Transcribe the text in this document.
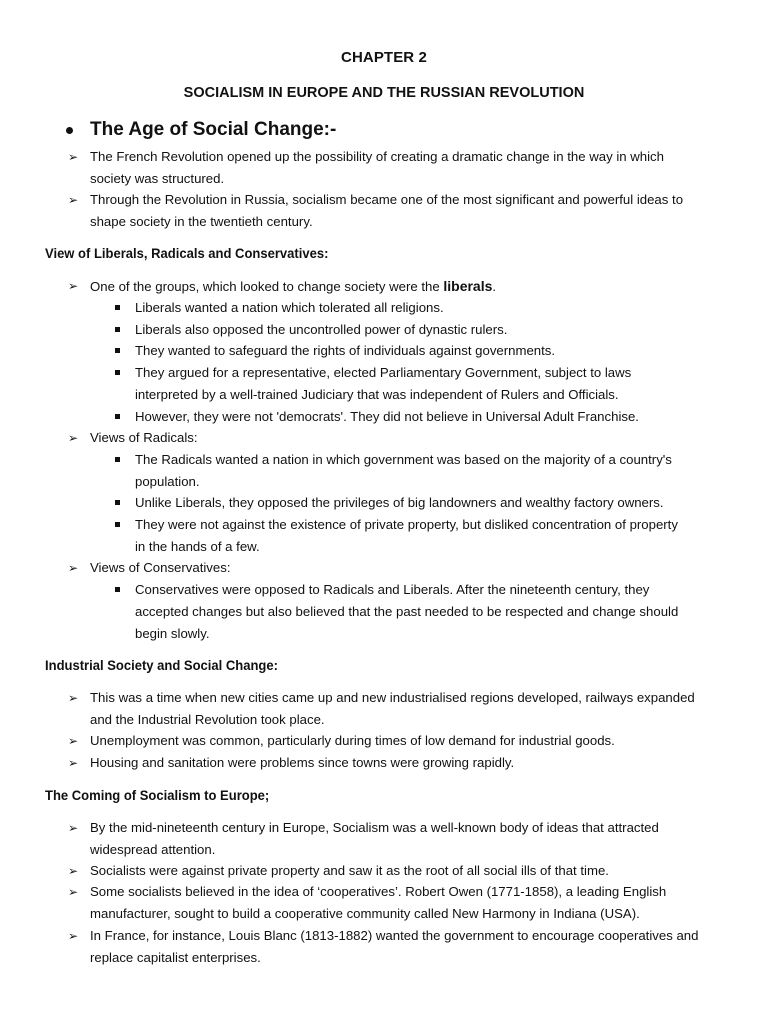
CHAPTER 2
SOCIALISM IN EUROPE AND THE RUSSIAN REVOLUTION
The Age of Social Change:-
➢ The French Revolution opened up the possibility of creating a dramatic change in the way in which
society was structured.
➢ Through the Revolution in Russia, socialism became one of the most significant and powerful ideas to
shape society in the twentieth century.
View of Liberals, Radicals and Conservatives:
➢ One of the groups, which looked to change society were the liberals.
Liberals wanted a nation which tolerated all religions.
Liberals also opposed the uncontrolled power of dynastic rulers.
They wanted to safeguard the rights of individuals against governments.
They argued for a representative, elected Parliamentary Government, subject to laws
interpreted by a well-trained Judiciary that was independent of Rulers and Officials.
However, they were not 'democrats'. They did not believe in Universal Adult Franchise.
➢ Views of Radicals:
The Radicals wanted a nation in which government was based on the majority of a country's
population.
Unlike Liberals, they opposed the privileges of big landowners and wealthy factory owners.
They were not against the existence of private property, but disliked concentration of property
in the hands of a few.
➢ Views of Conservatives:
Conservatives were opposed to Radicals and Liberals. After the nineteenth century, they
accepted changes but also believed that the past needed to be respected and change should
begin slowly.
Industrial Society and Social Change:
➢ This was a time when new cities came up and new industrialised regions developed, railways expanded
and the Industrial Revolution took place.
➢ Unemployment was common, particularly during times of low demand for industrial goods.
➢ Housing and sanitation were problems since towns were growing rapidly.
The Coming of Socialism to Europe;
➢ By the mid-nineteenth century in Europe, Socialism was a well-known body of ideas that attracted
widespread attention.
➢ Socialists were against private property and saw it as the root of all social ills of that time.
➢ Some socialists believed in the idea of ‘cooperatives’. Robert Owen (1771-1858), a leading English
manufacturer, sought to build a cooperative community called New Harmony in Indiana (USA).
➢ In France, for instance, Louis Blanc (1813-1882) wanted the government to encourage cooperatives and
replace capitalist enterprises.
